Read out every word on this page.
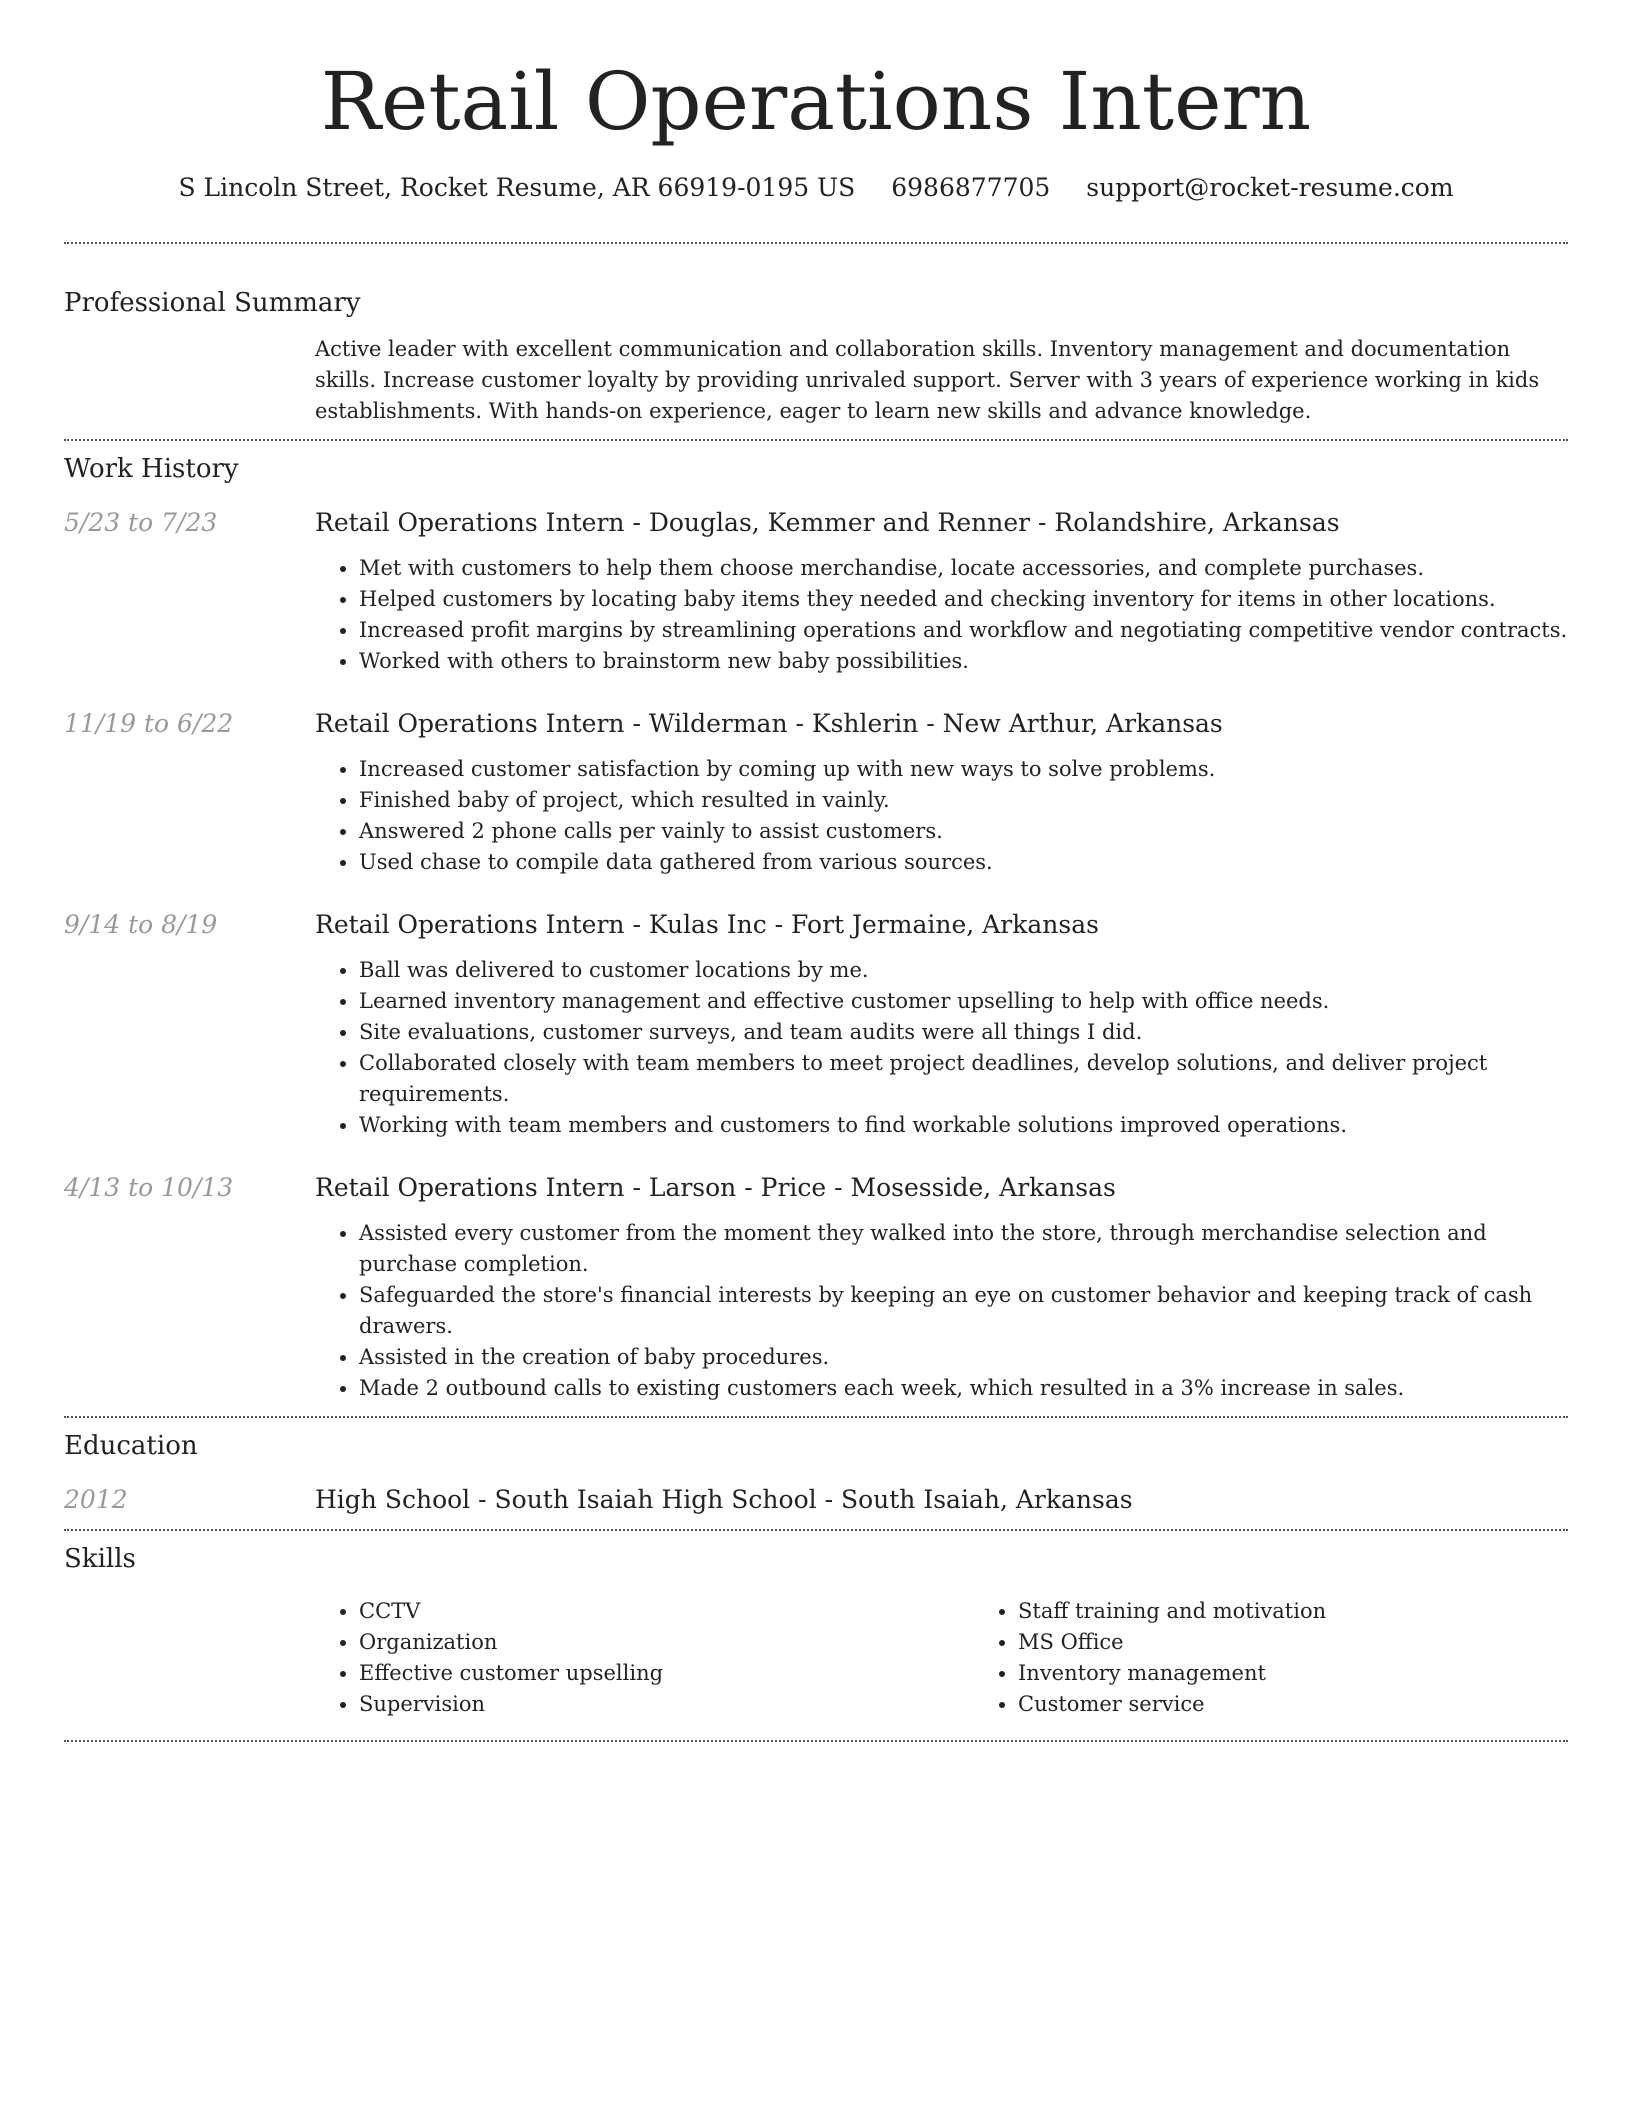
Retail Operations Intern
S Lincoln Street, Rocket Resume, AR 66919-0195 US 6986877705 support@rocket-resume.com
Professional Summary
Active leader with excellent communication and collaboration skills. Inventory management and documentation skills. Increase customer loyalty by providing unrivaled support. Server with 3 years of experience working in kids establishments. With hands-on experience, eager to learn new skills and advance knowledge.
Work History
5/23 to 7/23	Retail Operations Intern - Douglas, Kemmer and Renner - Rolandshire, Arkansas
• Met with customers to help them choose merchandise, locate accessories, and complete purchases.
• Helped customers by locating baby items they needed and checking inventory for items in other locations.
• Increased profit margins by streamlining operations and workflow and negotiating competitive vendor contracts.
• Worked with others to brainstorm new baby possibilities.
11/19 to 6/22	Retail Operations Intern - Wilderman - Kshlerin - New Arthur, Arkansas
• Increased customer satisfaction by coming up with new ways to solve problems.
• Finished baby of project, which resulted in vainly.
• Answered 2 phone calls per vainly to assist customers.
• Used chase to compile data gathered from various sources.
9/14 to 8/19	Retail Operations Intern - Kulas Inc - Fort Jermaine, Arkansas
• Ball was delivered to customer locations by me.
• Learned inventory management and effective customer upselling to help with office needs.
• Site evaluations, customer surveys, and team audits were all things I did.
• Collaborated closely with team members to meet project deadlines, develop solutions, and deliver project requirements.
• Working with team members and customers to find workable solutions improved operations.
4/13 to 10/13	Retail Operations Intern - Larson - Price - Mosesside, Arkansas
• Assisted every customer from the moment they walked into the store, through merchandise selection and purchase completion.
• Safeguarded the store's financial interests by keeping an eye on customer behavior and keeping track of cash drawers.
• Assisted in the creation of baby procedures.
• Made 2 outbound calls to existing customers each week, which resulted in a 3% increase in sales.
Education
2012	High School - South Isaiah High School - South Isaiah, Arkansas
Skills
• CCTV
• Organization
• Effective customer upselling
• Supervision
• Staff training and motivation
• MS Office
• Inventory management
• Customer service
